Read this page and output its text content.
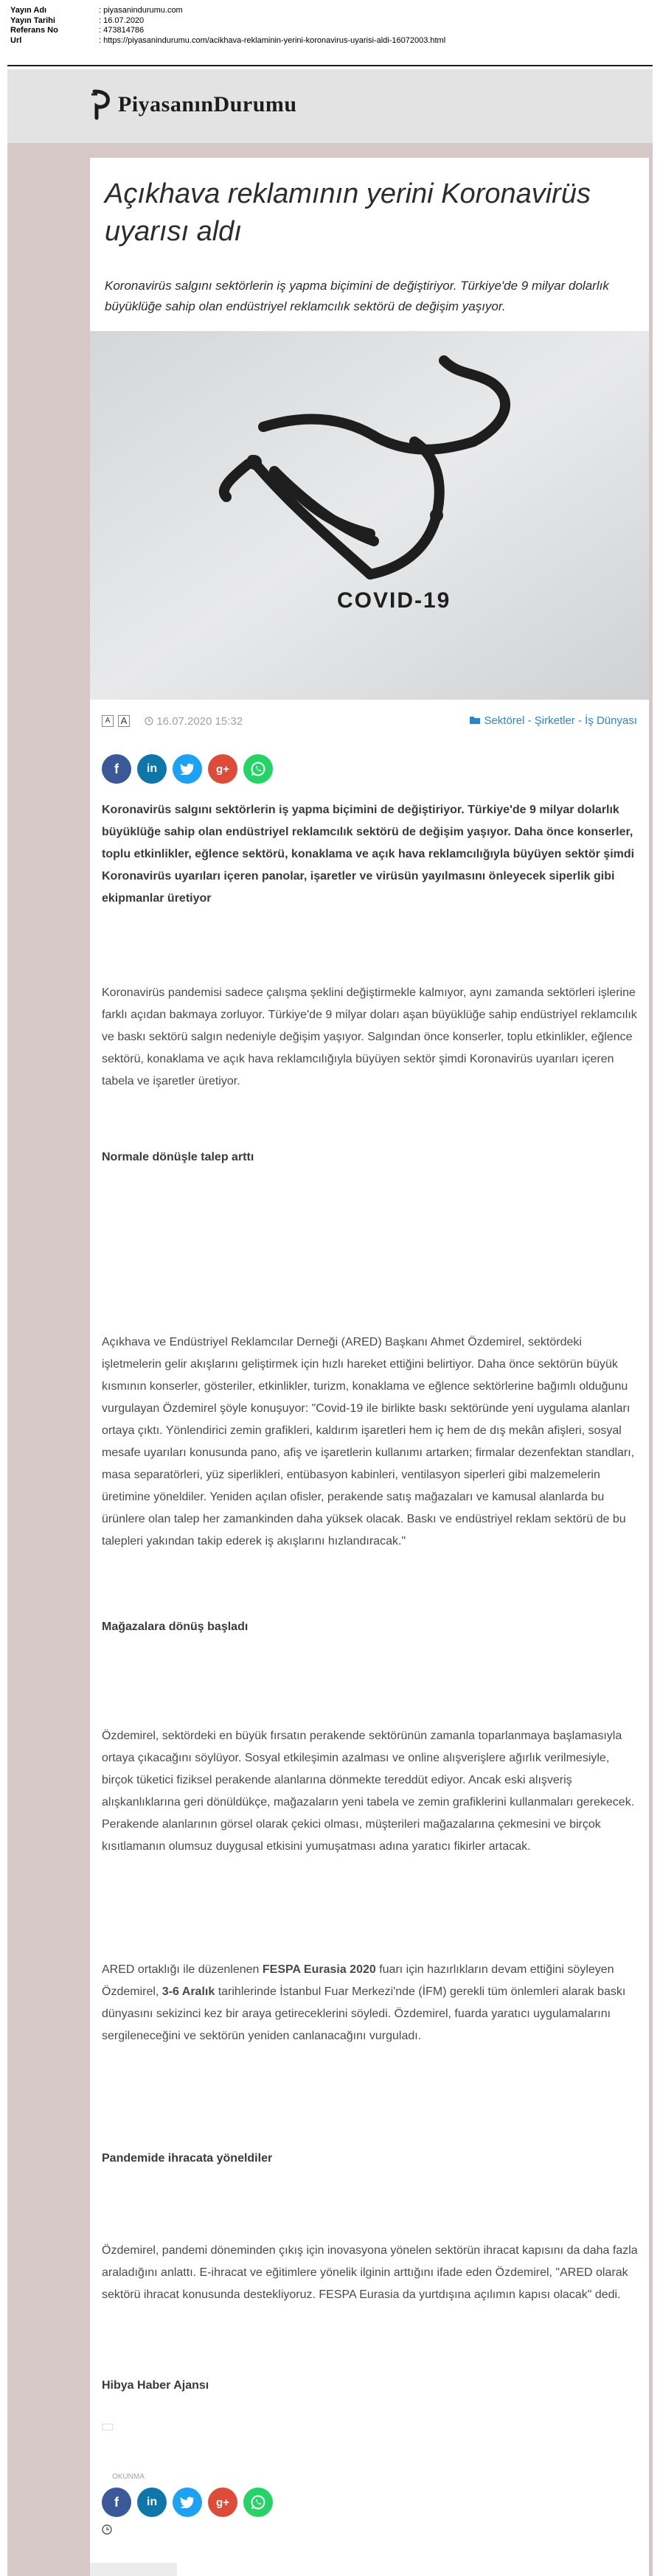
Yayın Adı	: piyasanindurumu.com
Yayın Tarihi	: 16.07.2020
Referans No	: 473814786
Url	: https://piyasanindurumu.com/acikhava-reklaminin-yerini-koronavirus-uyarisi-aldi-16072003.html
PiyasanınDurumu
Açıkhava reklamının yerini Koronavirüs uyarısı aldı

Koronavirüs salgını sektörlerin iş yapma biçimini de değiştiriyor. Türkiye'de 9 milyar dolarlık büyüklüğe sahip olan endüstriyel reklamcılık sektörü de değişim yaşıyor.

COVID-19
A A	16.07.2020 15:32	Sektörel - Şirketler - İş Dünyası
f	in	g+

Koronavirüs salgını sektörlerin iş yapma biçimini de değiştiriyor. Türkiye'de 9 milyar dolarlık büyüklüğe sahip olan endüstriyel reklamcılık sektörü de değişim yaşıyor. Daha önce konserler, toplu etkinlikler, eğlence sektörü, konaklama ve açık hava reklamcılığıyla büyüyen sektör şimdi Koronavirüs uyarıları içeren panolar, işaretler ve virüsün yayılmasını önleyecek siperlik gibi ekipmanlar üretiyor

Koronavirüs pandemisi sadece çalışma şeklini değiştirmekle kalmıyor, aynı zamanda sektörleri işlerine farklı açıdan bakmaya zorluyor. Türkiye'de 9 milyar doları aşan büyüklüğe sahip endüstriyel reklamcılık ve baskı sektörü salgın nedeniyle değişim yaşıyor. Salgından önce konserler, toplu etkinlikler, eğlence sektörü, konaklama ve açık hava reklamcılığıyla büyüyen sektör şimdi Koronavirüs uyarıları içeren tabela ve işaretler üretiyor.

Normale dönüşle talep arttı

Açıkhava ve Endüstriyel Reklamcılar Derneği (ARED) Başkanı Ahmet Özdemirel, sektördeki işletmelerin gelir akışlarını geliştirmek için hızlı hareket ettiğini belirtiyor. Daha önce sektörün büyük kısmının konserler, gösteriler, etkinlikler, turizm, konaklama ve eğlence sektörlerine bağımlı olduğunu vurgulayan Özdemirel şöyle konuşuyor: "Covid-19 ile birlikte baskı sektöründe yeni uygulama alanları ortaya çıktı. Yönlendirici zemin grafikleri, kaldırım işaretleri hem iç hem de dış mekân afişleri, sosyal mesafe uyarıları konusunda pano, afiş ve işaretlerin kullanımı artarken; firmalar dezenfektan standları, masa separatörleri, yüz siperlikleri, entübasyon kabinleri, ventilasyon siperleri gibi malzemelerin üretimine yöneldiler. Yeniden açılan ofisler, perakende satış mağazaları ve kamusal alanlarda bu ürünlere olan talep her zamankinden daha yüksek olacak. Baskı ve endüstriyel reklam sektörü de bu talepleri yakından takip ederek iş akışlarını hızlandıracak."

Mağazalara dönüş başladı

Özdemirel, sektördeki en büyük fırsatın perakende sektörünün zamanla toparlanmaya başlamasıyla ortaya çıkacağını söylüyor. Sosyal etkileşimin azalması ve online alışverişlere ağırlık verilmesiyle, birçok tüketici fiziksel perakende alanlarına dönmekte tereddüt ediyor. Ancak eski alışveriş alışkanlıklarına geri dönüldükçe, mağazaların yeni tabela ve zemin grafiklerini kullanmaları gerekecek. Perakende alanlarının görsel olarak çekici olması, müşterileri mağazalarına çekmesini ve birçok kısıtlamanın olumsuz duygusal etkisini yumuşatması adına yaratıcı fikirler artacak.

ARED ortaklığı ile düzenlenen FESPA Eurasia 2020 fuarı için hazırlıkların devam ettiğini söyleyen Özdemirel, 3-6 Aralık tarihlerinde İstanbul Fuar Merkezi'nde (İFM) gerekli tüm önlemleri alarak baskı dünyasını sekizinci kez bir araya getireceklerini söyledi. Özdemirel, fuarda yaratıcı uygulamalarını sergileneceğini ve sektörün yeniden canlanacağını vurguladı.

Pandemide ihracata yöneldiler

Özdemirel, pandemi döneminden çıkış için inovasyona yönelen sektörün ihracat kapısını da daha fazla araladığını anlattı. E-ihracat ve eğitimlere yönelik ilginin arttığını ifade eden Özdemirel, "ARED olarak sektörü ihracat konusunda destekliyoruz. FESPA Eurasia da yurtdışına açılımın kapısı olacak" dedi.

Hibya Haber Ajansı
OKUNMA
f	in	g+
